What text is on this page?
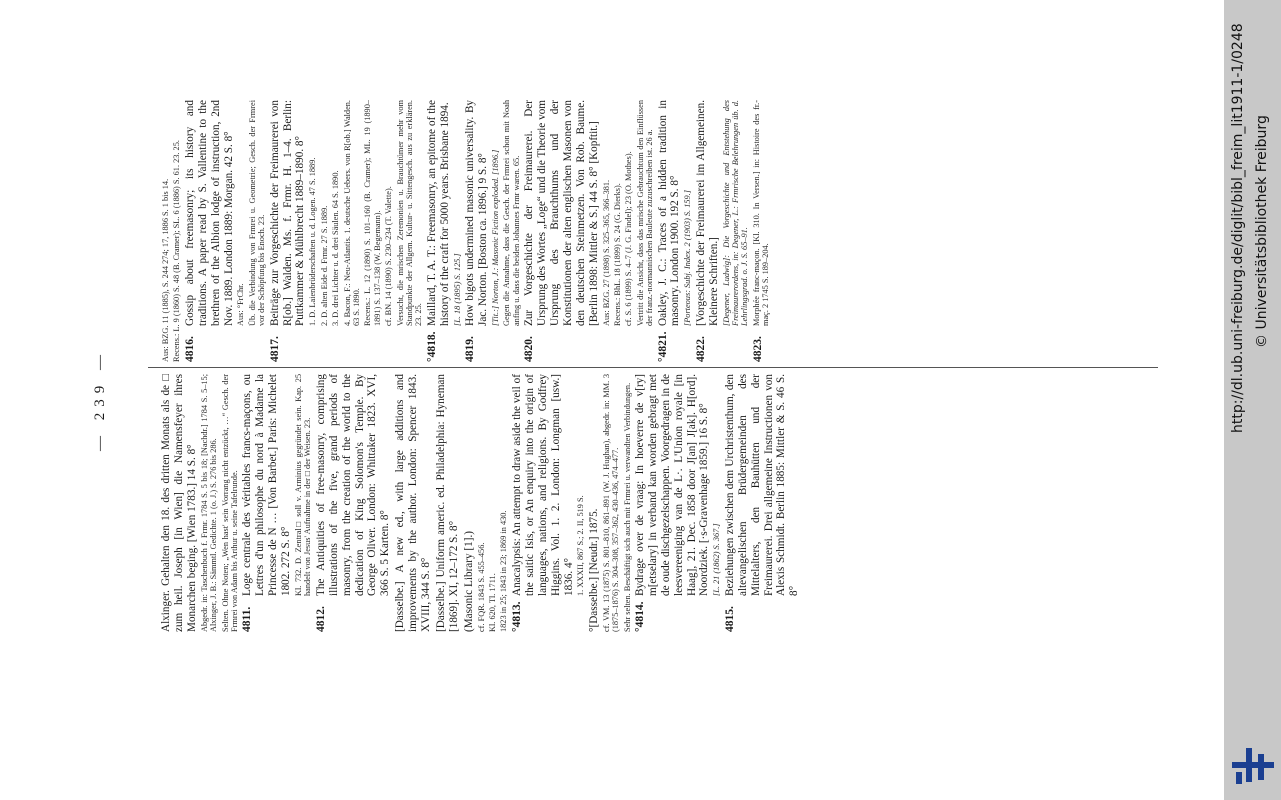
— 239 —	Alxinger. Gehalten den 18. des dritten Monats als de □ zum heil. Joseph [in Wien] die Namensfeyer ihres Monarchen beging. [Wien 1783.] 14 S. 8° Abgedr. in: Taschenbuch f. Frmr. 1784 S. 5 bis 18; [Nachdr.] 1784 S. 5–15; Alxinger, J. B.: Sämmtl. Gedichte. 1 (o. J.) S. 276 bis 286. Selten. Ohne Noten; „Wen hast' sein Vorrang nicht entzückt, …“ Gesch. der Frmrei von Adam bis Arthur u. seine Tafelrunde. 4811.
Loge centrale des véritables francs-maçons, ou Lettres d'un philosophe du nord à Madame la Princesse de N … [Von Barbet.] Paris: Michelet 1802. 272 S. 8° Kl. 732. D. Zentral□ soll v. Arminius gegründet sein. Kap. 25 handelt von Jesus' Aufnahme in der □ der Weisen. 23.
4812.
The Antiquities of free-masonry, comprising illustrations of the five, grand periods of masonry, from the creation of the world to the dedication of King Solomon's Temple. By George Oliver. London: Whittaker 1823. XVI, 366 S. 5 Karten. 8° [Dasselbe.] A new ed., with large additions and improvements by the author. London: Spencer 1843. XVIII, 344 S. 8° [Dasselbe.] Uniform americ. ed. Philadelphia: Hyneman [1869]. XI, 12–172 S. 8° (Masonic Library [1].) cf. FQR. 1843 S. 455–456. Kl. 620, Tl. 1711. 1823 in 25; 1843 in 23; 1869 in 430. °4813.
Anacalypsis: An attempt to draw aside the veil of the saitic Isis, or An enquiry into the origin of languages, nations, and religions. By Godfrey Higgins. Vol. 1. 2. London: Longman [usw.] 1836. 4° 1. XXXII, 867 S.; 2. II, 519 S. °[Dasselbe.] [Neudr.] 1875. cf. VM. 13 (1875) S. 801–810, 861–891 (W. J. Hughan), abgedr. in: MM. 3 (1875–1876) S. 304–308, 357–362, 430–436, 474–477. Sehr selten. Beschäftigt sich auch mit Frmrei u. verwandten Verbindungen. °4814.
Bydrage over de vraag: In hoeverre de v[ry] m[etselary] in verband kan worden gebragt met de oude dischgezelschappen. Voorgedragen in de leesvereeniging van de L·. L'Union royale [in Haag], 21. Dec. 1858 door J[an] J[ak]. H[ord]. Noordziek. [·s-Gravenhage 1859.] 16 S. 8° [L. 21 (1862) S. 367.]
4815.
Beziehungen zwischen dem Urchristenthum, den altevangelischen Brüdergemeinden des Mittelalters, den Bauhütten und der Freimaurerei. Drei allgemeine Instructionen von Alexis Schmidt. Berlin 1885: Mittler & S. 46 S. 8°
Aus: BZG. 11 (1885), S. 244 274; 17, 1886 S. 1 bis 14. Recens.: L. 9 (1860) S. 48 (B. Cramer); SL. 6 (1886) S. 61. 23. 25. 4816.
Gossip about freemasonry; its history and traditions. A paper read by S. Vallentine to the brethren of the Albion lodge of instruction, 2nd Nov. 1889. London 1889: Morgan. 42 S. 8° Aus: °FrChr. Üb. die Verbindung von Frmrei u. Geometrie; Gesch. der Frmrei vor der Schöpfung bis Enoch. 23.
4817.
Beiträge zur Vorgeschichte der Freimaurerei von R[ob.] Walden. Ms. f. Frmr. H. 1–4. Berlin: Puttkammer & Mühlbrecht 1889–1890. 8° 1. D. Laienbrüderschaften u. d. Logen. 47 S. 1889. 2. D. alten Eide d. Frmr. 27 S. 1889. 3. D. drei Lichter u. d. drei Säulen. 64 S. 1890. 4. Bacon, F.: Neu-Atlantis. 1. deutsche Uebers. von R[ob.] Walden. 63 S. 1890. Recens.: L. 12 (1890) S. 101–160 (B. Cramer); ML. 19 (1890–1891) S. 137–138 (W. Begemann). cf. BN. 14 (1890) S. 230–234 (T. Valette). Versucht, die mrischen Zeremonien u. Brauchtümer mehr vom Standpunkte der Allgem. Kultur- u. Sittengesch. aus zu erklären. 23. 25.
°4818.
Maillard, T. A. T.: Freemasonry, an epitome of the history of the craft for 5000 years. Brisbane 1894. [L. 18 (1895) S. 125.]
4819.
How bigots undermined masonic universality. By Jac. Norton. [Boston ca. 1896.] 9 S. 8° [Tit.:] Norton, J.: Masonic Fiction exploded. [1896.] Gegen die Annahme, dass die Gesch. der Frmrei schon mit Noah anfing u. dass die beiden Johannes Frmr waren. 65.
4820.
Zur Vorgeschichte der Freimaurerei. Der Ursprung des Wortes „Loge“ und die Theorie vom Ursprung des Brauchthums und der Konstitutionen der alten englischen Masonen von den deutschen Steinmetzen. Von Rob. Baume. [Berlin 1898: Mittler & S.] 44 S. 8° [Kopftit.] Aus: BZG. 27 (1898) S. 325–365, 366–381. Recens.: BhL. 18 (1899) S. 24 (G. Dierks). cf. S. 6 (1899) S. 4–7 (J. G. Findel); 23 (O. Mothes). Vertritt die Ansicht, dass das mrische Gebrauchtum den Einflüssen der franz.-normannischen Bauleute zuzuschreiben ist. 26 a.
°4821.
Oakley, J. C.: Traces of a hidden tradition in masonry. London 1900. 192 S. 8° [Porteous: Subj. Index. 2 (1903) S. 159.]
4822.
[Vorgeschichte der Freimaurerei im Allgemeinen. Kleinere Schriften.] [Degener, Ludwig]: Die Vorgeschichte und Entstehung des Freimaurerordens, in: Degener, L.: Frmrische Belehrungen üb. d. Lehrlingsgrad. o. J. S. 65–91.
4823.
Morphée franc-maçon. [Kl. 310. In Versen.] in: Histoire des fr.-maç. 2 1745 S. 189–204.	http://dl.ub.uni-freiburg.de/diglit/bibl_freim_lit1911-1/0248 © Universitätsbibliothek Freiburg
